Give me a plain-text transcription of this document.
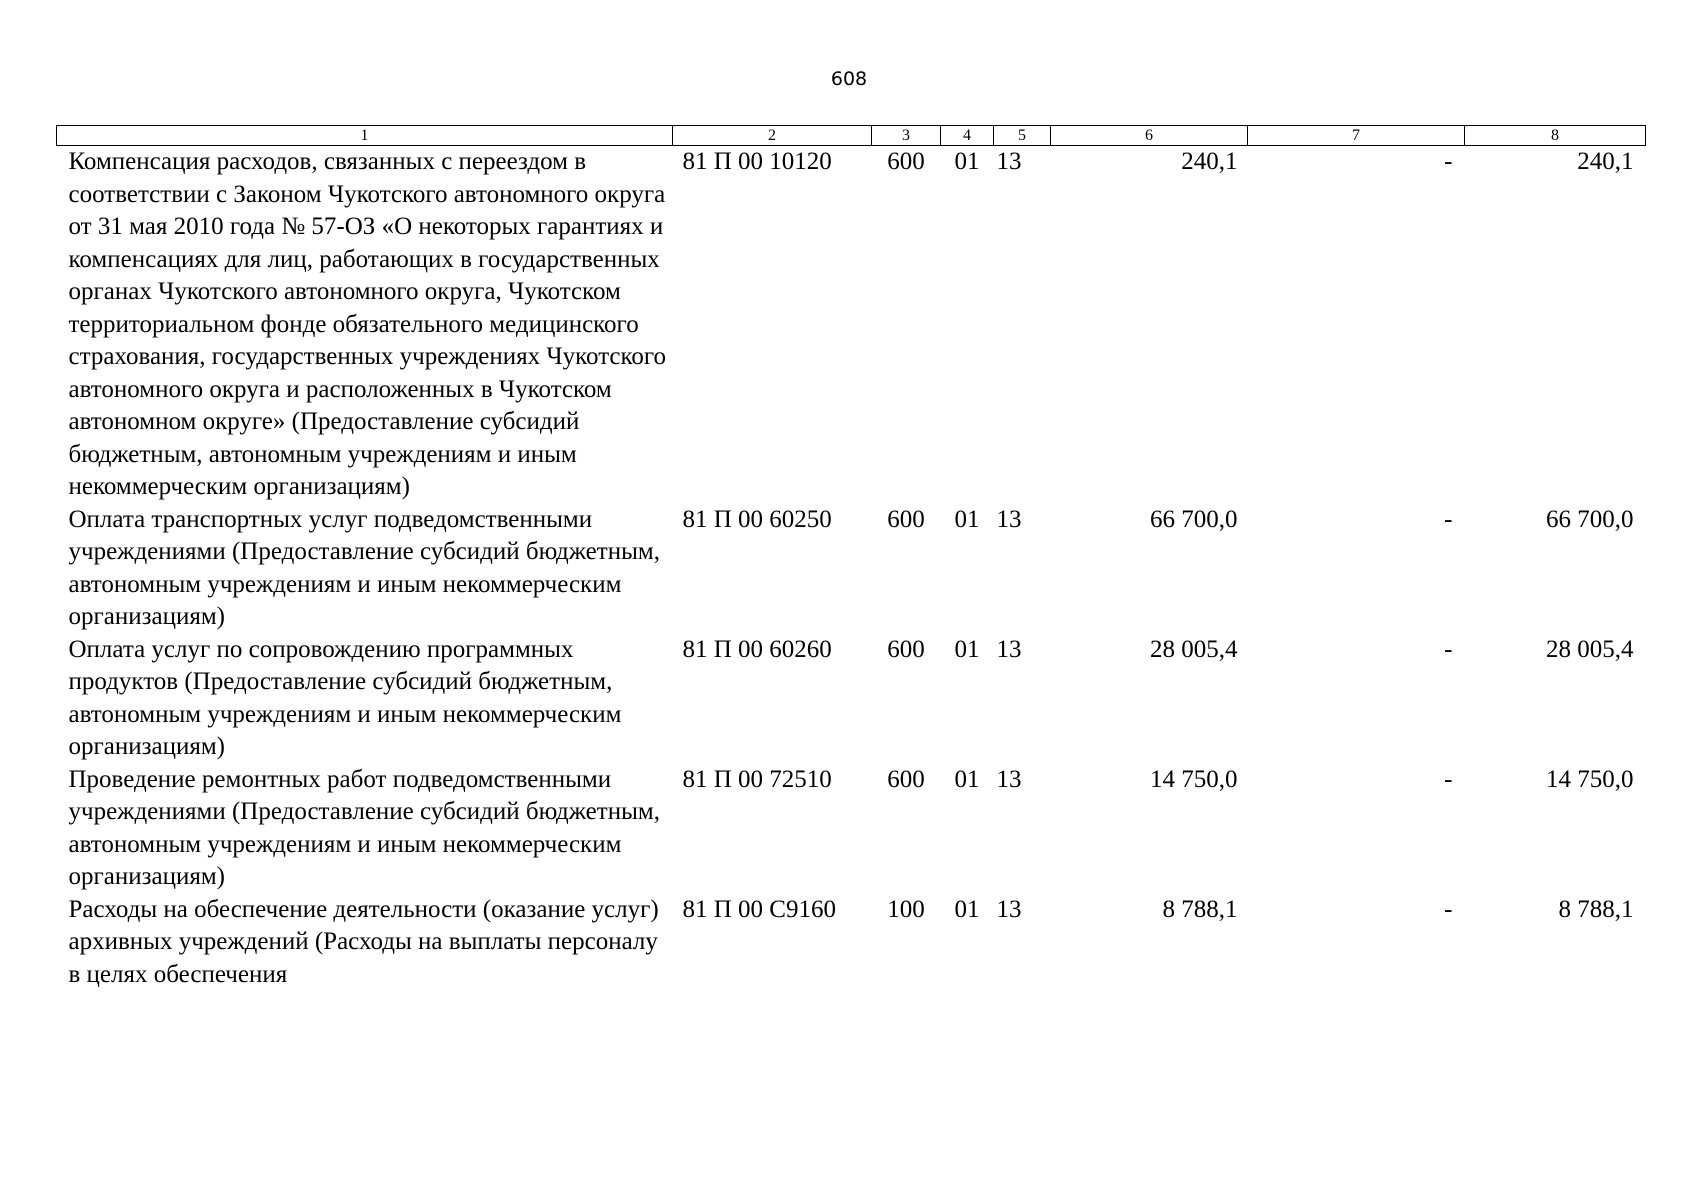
608
1	2	3	4	5	6	7	8
Компенсация расходов, связанных с переездом в соответствии с Законом Чукотского автономного округа от 31 мая 2010 года № 57-ОЗ «О некоторых гарантиях и компенсациях для лиц, работающих в государственных органах Чукотского автономного округа, Чукотском территориальном фонде обязательного медицинского страхования, государственных учреждениях Чукотского автономного округа и расположенных в Чукотском автономном округе» (Предоставление субсидий бюджетным, автономным учреждениям и иным некоммерческим организациям)	81 П 00 10120	600	01	13	240,1	-	240,1
Оплата транспортных услуг подведомственными учреждениями (Предоставление субсидий бюджетным, автономным учреждениям и иным некоммерческим организациям)	81 П 00 60250	600	01	13	66 700,0	-	66 700,0
Оплата услуг по сопровождению программных продуктов (Предоставление субсидий бюджетным, автономным учреждениям и иным некоммерческим организациям)	81 П 00 60260	600	01	13	28 005,4	-	28 005,4
Проведение ремонтных работ подведомственными учреждениями (Предоставление субсидий бюджетным, автономным учреждениям и иным некоммерческим организациям)	81 П 00 72510	600	01	13	14 750,0	-	14 750,0
Расходы на обеспечение деятельности (оказание услуг) архивных учреждений (Расходы на выплаты персоналу в целях обеспечения	81 П 00 С9160	100	01	13	8 788,1	-	8 788,1
